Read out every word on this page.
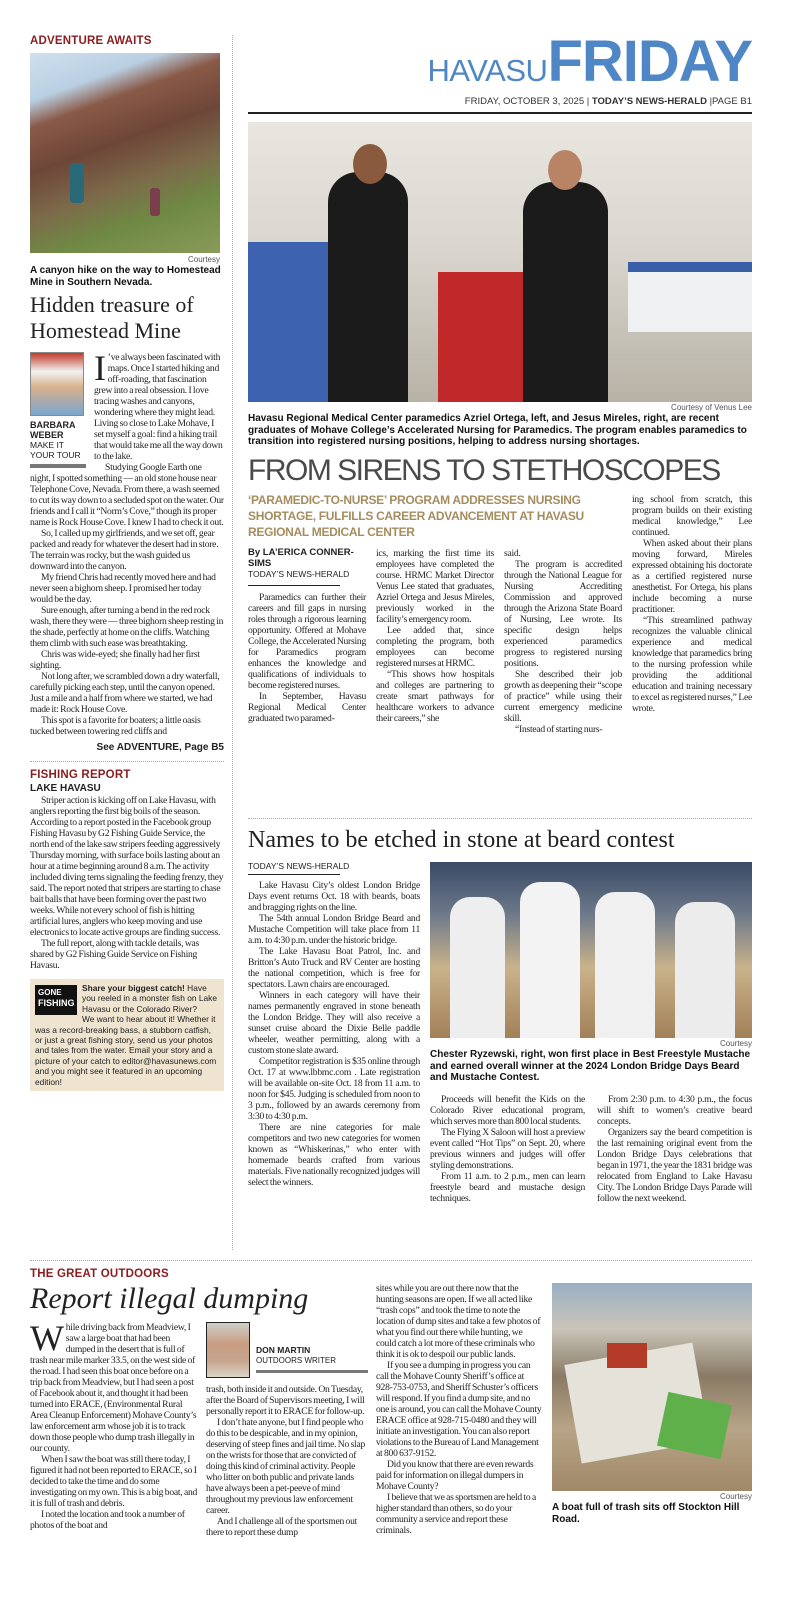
ADVENTURE AWAITS
Courtesy
A canyon hike on the way to Homestead Mine in Southern Nevada.
Hidden treasure of Homestead Mine
BARBARA WEBER
MAKE IT YOUR TOUR
I ’ve always been fascinated with maps. Once I started hiking and off-roading, that fascination grew into a real obsession. I love tracing washes and canyons, wondering where they might lead. Living so close to Lake Mohave, I set myself a goal: find a hiking trail that would take me all the way down to the lake.

Studying Google Earth one

night, I spotted something — an old stone house near Telephone Cove, Nevada. From there, a wash seemed to cut its way down to a secluded spot on the water. Our friends and I call it “Norm’s Cove,” though its proper name is Rock House Cove. I knew I had to check it out.

So, I called up my girlfriends, and we set off, gear packed and ready for whatever the desert had in store. The terrain was rocky, but the wash guided us downward into the canyon.

My friend Chris had recently moved here and had never seen a bighorn sheep. I promised her today would be the day.

Sure enough, after turning a bend in the red rock wash, there they were — three bighorn sheep resting in the shade, perfectly at home on the cliffs. Watching them climb with such ease was breathtaking.

Chris was wide-eyed; she finally had her first sighting.

Not long after, we scrambled down a dry waterfall, carefully picking each step, until the canyon opened. Just a mile and a half from where we started, we had made it: Rock House Cove.

This spot is a favorite for boaters; a little oasis tucked between towering red cliffs and

See ADVENTURE, Page B5
FISHING REPORT
LAKE HAVASU

Striper action is kicking off on Lake Havasu, with anglers reporting the first big boils of the season. According to a report posted in the Facebook group Fishing Havasu by G2 Fishing Guide Service, the north end of the lake saw stripers feeding aggressively Thursday morning, with surface boils lasting about an hour at a time beginning around 8 a.m. The activity included diving terns signaling the feeding frenzy, they said. The report noted that stripers are starting to chase bait balls that have been forming over the past two weeks. While not every school of fish is hitting artificial lures, anglers who keep moving and use electronics to locate active groups are finding success.

The full report, along with tackle details, was shared by G2 Fishing Guide Service on Fishing Havasu.

GONE
FISHING
Share your biggest catch! Have you reeled in a monster fish on Lake Havasu or the Colorado River?
We want to hear about it! Whether it was a record-breaking bass, a stubborn catfish, or just a great fishing story, send us your photos and tales from the water. Email your story and a picture of your catch to editor@havasunews.com and you might see it featured in an upcoming edition!
HAVASUFRIDAY
FRIDAY, OCTOBER 3, 2025 | TODAY’S NEWS-HERALD |PAGE B1
Courtesy of Venus Lee
Havasu Regional Medical Center paramedics Azriel Ortega, left, and Jesus Mireles, right, are recent graduates of Mohave College’s Accelerated Nursing for Paramedics. The program enables paramedics to transition into registered nursing positions, helping to address nursing shortages.
FROM SIRENS TO STETHOSCOPES
‘PARAMEDIC-TO-NURSE’ PROGRAM ADDRESSES NURSING SHORTAGE, FULFILLS CAREER ADVANCEMENT AT HAVASU REGIONAL MEDICAL CENTER
By LA’ERICA CONNER-SIMS
TODAY’S NEWS-HERALD

Paramedics can further their careers and fill gaps in nursing roles through a rigorous learning opportunity. Offered at Mohave College, the Accelerated Nursing for Paramedics program enhances the knowledge and qualifications of individuals to become registered nurses.

In September, Havasu Regional Medical Center graduated two paramed-

ics, marking the first time its employees have completed the course. HRMC Market Director Venus Lee stated that graduates, Azriel Ortega and Jesus Mireles, previously worked in the facility’s emergency room.

Lee added that, since completing the program, both employees can become registered nurses at HRMC.

“This shows how hospitals and colleges are partnering to create smart pathways for healthcare workers to advance their careers,” she

said.

The program is accredited through the National League for Nursing Accrediting Commission and approved through the Arizona State Board of Nursing, Lee wrote. Its specific design helps experienced paramedics progress to registered nursing positions.

She described their job growth as deepening their “scope of practice” while using their current emergency medicine skill.

“Instead of starting nurs-

ing school from scratch, this program builds on their existing medical knowledge,” Lee continued.

When asked about their plans moving forward, Mireles expressed obtaining his doctorate as a certified registered nurse anesthetist. For Ortega, his plans include becoming a nurse practitioner.

“This streamlined pathway recognizes the valuable clinical experience and medical knowledge that paramedics bring to the nursing profession while providing the additional education and training necessary to excel as registered nurses,” Lee wrote.

Names to be etched in stone at beard contest
TODAY’S NEWS-HERALD

Lake Havasu City’s oldest London Bridge Days event returns Oct. 18 with beards, boats and bragging rights on the line.

The 54th annual London Bridge Beard and Mustache Competition will take place from 11 a.m. to 4:30 p.m. under the historic bridge.

The Lake Havasu Boat Patrol, Inc. and Britton’s Auto Truck and RV Center are hosting the national competition, which is free for spectators. Lawn chairs are encouraged.

Winners in each category will have their names permanently engraved in stone beneath the London Bridge. They will also receive a sunset cruise aboard the Dixie Belle paddle wheeler, weather permitting, along with a custom stone slate award.

Competitor registration is $35 online through Oct. 17 at www.lbbmc.com . Late registration will be available on-site Oct. 18 from 11 a.m. to noon for $45. Judging is scheduled from noon to 3 p.m., followed by an awards ceremony from 3:30 to 4:30 p.m.

There are nine categories for male competitors and two new categories for women known as “Whiskerinas,” who enter with homemade beards crafted from various materials. Five nationally recognized judges will select the winners.

Courtesy
Chester Ryzewski, right, won first place in Best Freestyle Mustache and earned overall winner at the 2024 London Bridge Days Beard and Mustache Contest.

Proceeds will benefit the Kids on the Colorado River educational program, which serves more than 800 local students.

The Flying X Saloon will host a preview event called “Hot Tips” on Sept. 20, where previous winners and judges will offer styling demonstrations.

From 11 a.m. to 2 p.m., men can learn freestyle beard and mustache design techniques.

From 2:30 p.m. to 4:30 p.m., the focus will shift to women’s creative beard concepts.

Organizers say the beard competition is the last remaining original event from the London Bridge Days celebrations that began in 1971, the year the 1831 bridge was relocated from England to Lake Havasu City. The London Bridge Days Parade will follow the next weekend.

THE GREAT OUTDOORS
Report illegal dumping
While driving back from Meadview, I saw a large boat that had been dumped in the desert that is full of trash near mile marker 33.5, on the west side of the road. I had seen this boat once before on a trip back from Meadview, but I had seen a post of Facebook about it, and thought it had been turned into ERACE, (Environmental Rural Area Cleanup Enforcement) Mohave County’s law enforcement arm whose job it is to track down those people who dump trash illegally in our county.

When I saw the boat was still there today, I figured it had not been reported to ERACE, so I decided to take the time and do some investigating on my own. This is a big boat, and it is full of trash and debris.

I noted the location and took a number of photos of the boat and

DON MARTIN
OUTDOORS WRITER

trash, both inside it and outside. On Tuesday, after the Board of Supervisors meeting, I will personally report it to ERACE for follow-up.

I don’t hate anyone, but I find people who do this to be despicable, and in my opinion, deserving of steep fines and jail time. No slap on the wrists for those that are convicted of doing this kind of criminal activity. People who litter on both public and private lands have always been a pet-peeve of mind throughout my previous law enforcement career.

And I challenge all of the sportsmen out there to report these dump

sites while you are out there now that the hunting seasons are open. If we all acted like “trash cops” and took the time to note the location of dump sites and take a few photos of what you find out there while hunting, we could catch a lot more of these criminals who think it is ok to despoil our public lands.

If you see a dumping in progress you can call the Mohave County Sheriff’s office at 928-753-0753, and Sheriff Schuster’s officers will respond. If you find a dump site, and no one is around, you can call the Mohave County ERACE office at 928-715-0480 and they will initiate an investigation. You can also report violations to the Bureau of Land Management at 800 637-9152.

Did you know that there are even rewards paid for information on illegal dumpers in Mohave County?

I believe that we as sportsmen are held to a higher standard than others, so do your community a service and report these criminals.

Courtesy
A boat full of trash sits off Stockton Hill Road.
